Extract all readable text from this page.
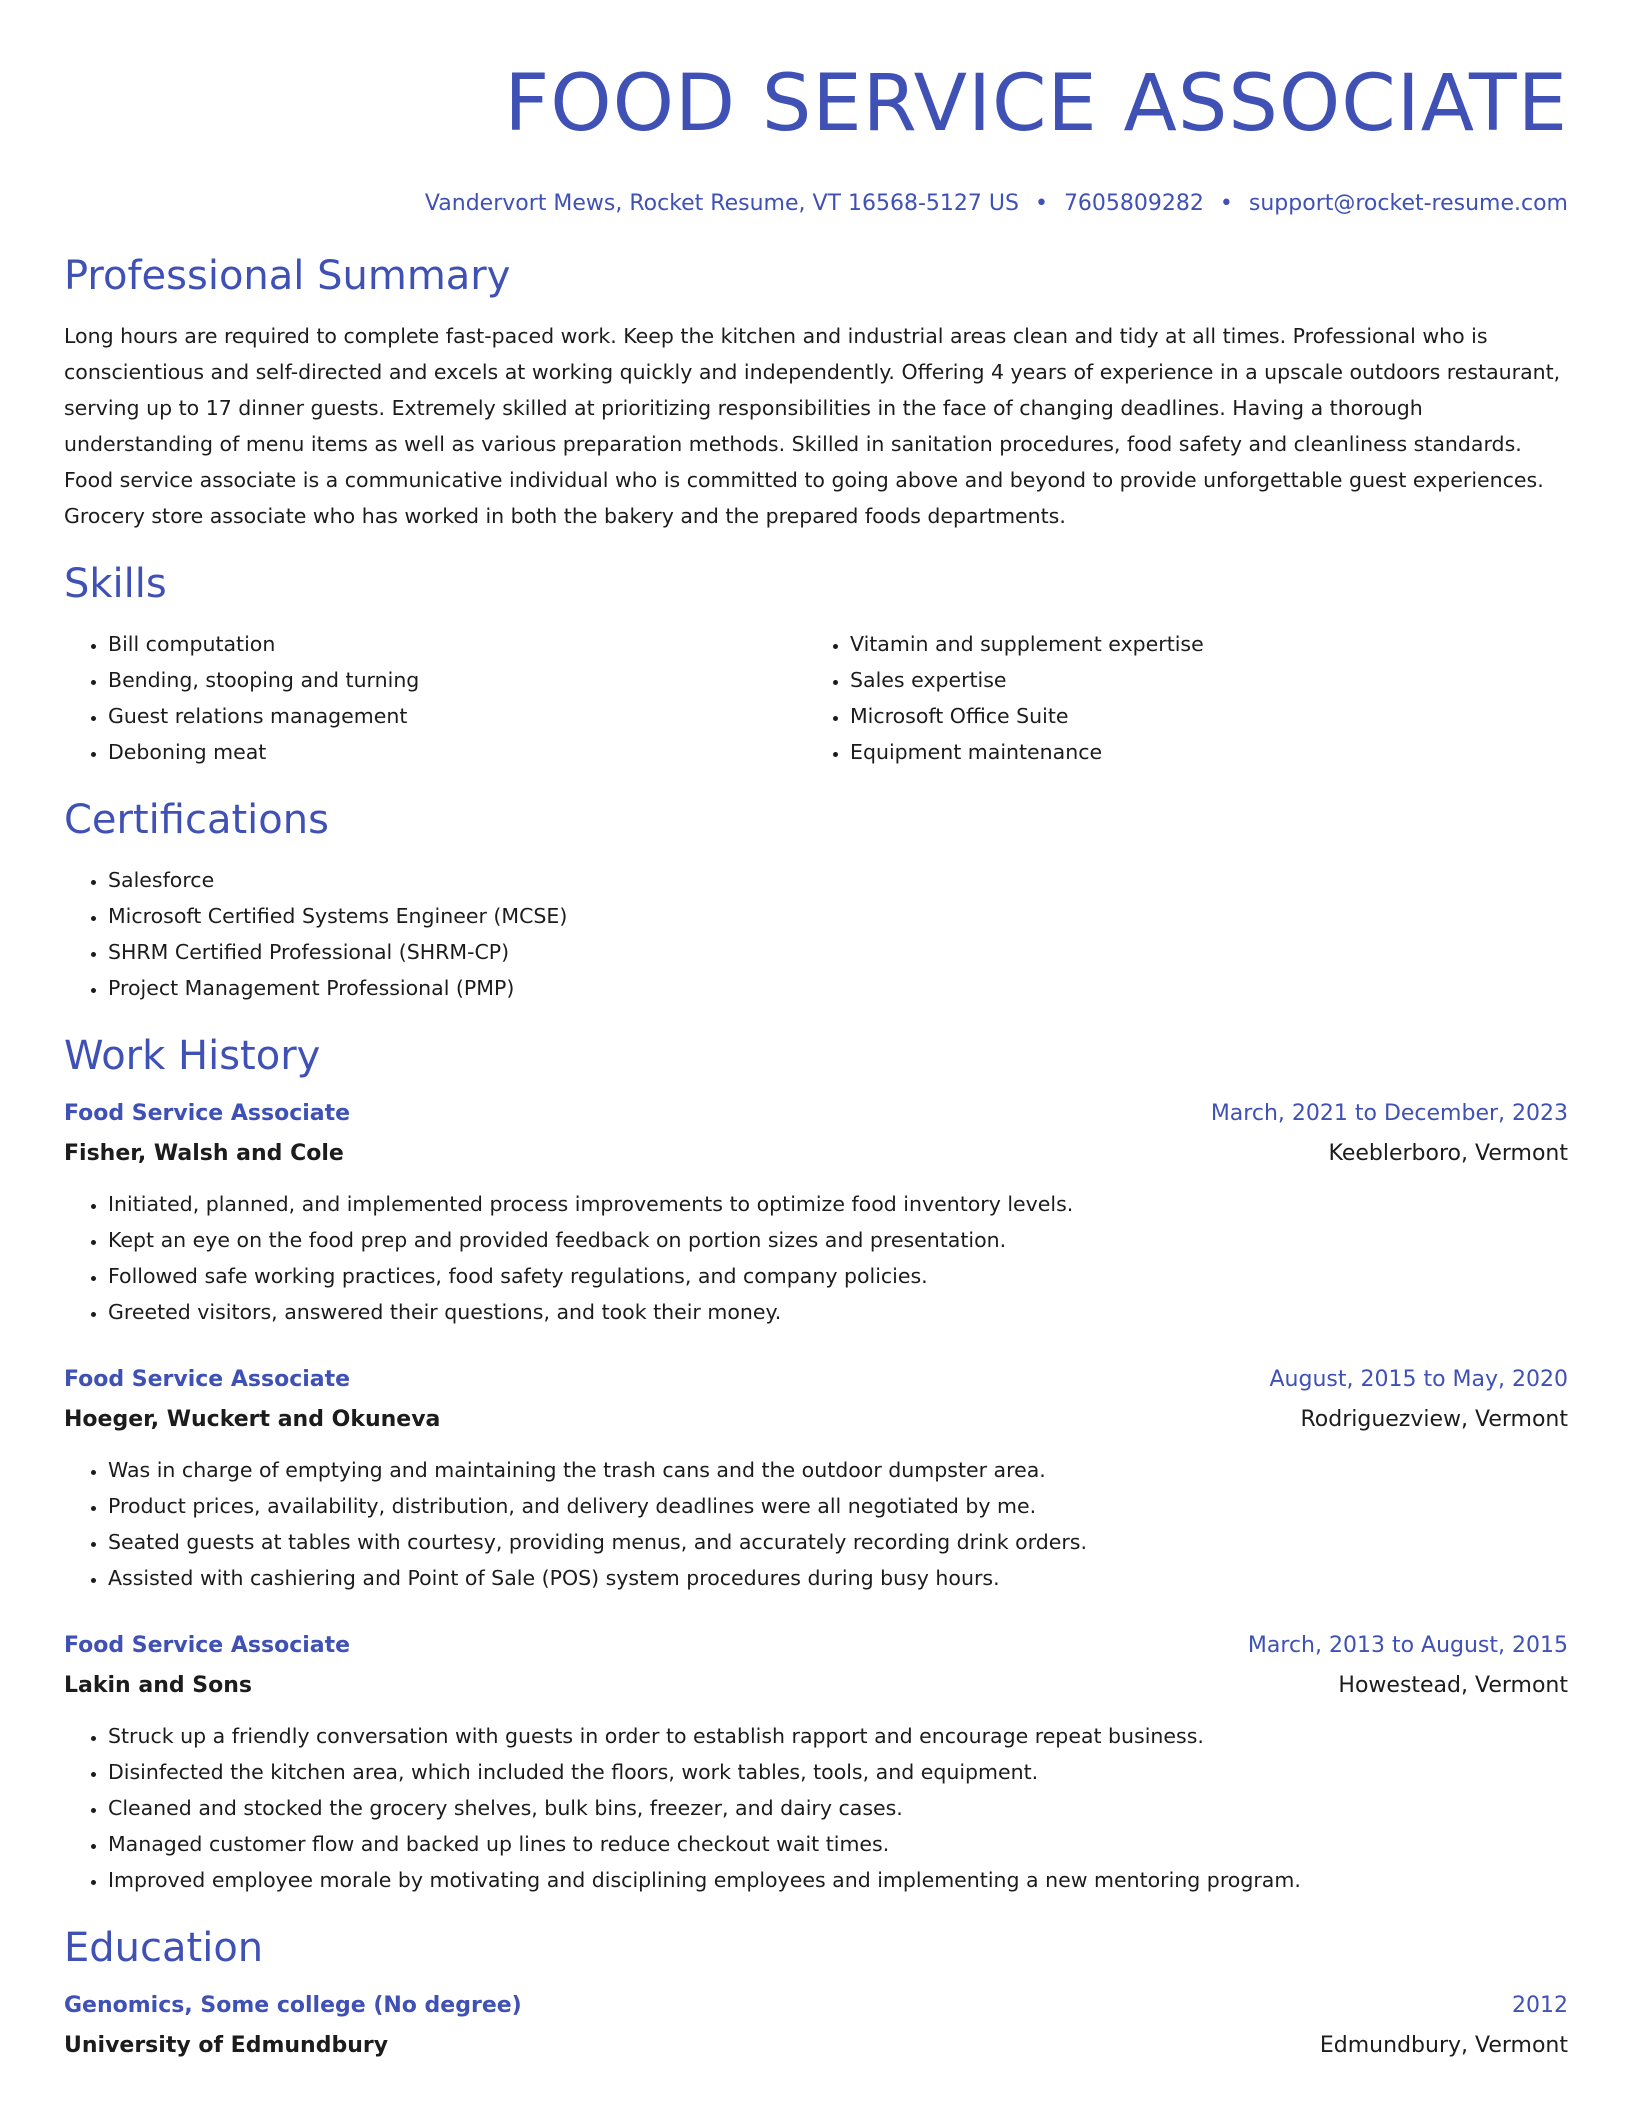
FOOD SERVICE ASSOCIATE
Vandervort Mews, Rocket Resume, VT 16568-5127 US • 7605809282 • support@rocket-resume.com
Professional Summary

Long hours are required to complete fast-paced work. Keep the kitchen and industrial areas clean and tidy at all times. Professional who is conscientious and self-directed and excels at working quickly and independently. Offering 4 years of experience in a upscale outdoors restaurant, serving up to 17 dinner guests. Extremely skilled at prioritizing responsibilities in the face of changing deadlines. Having a thorough understanding of menu items as well as various preparation methods. Skilled in sanitation procedures, food safety and cleanliness standards. Food service associate is a communicative individual who is committed to going above and beyond to provide unforgettable guest experiences. Grocery store associate who has worked in both the bakery and the prepared foods departments.

Skills
• Bill computation
• Bending, stooping and turning
• Guest relations management
• Deboning meat
• Vitamin and supplement expertise
• Sales expertise
• Microsoft Office Suite
• Equipment maintenance
Certifications
• Salesforce
• Microsoft Certified Systems Engineer (MCSE)
• SHRM Certified Professional (SHRM-CP)
• Project Management Professional (PMP)
Work History
Food Service Associate	March, 2021 to December, 2023
Fisher, Walsh and Cole	Keeblerboro, Vermont
• Initiated, planned, and implemented process improvements to optimize food inventory levels.
• Kept an eye on the food prep and provided feedback on portion sizes and presentation.
• Followed safe working practices, food safety regulations, and company policies.
• Greeted visitors, answered their questions, and took their money.
Food Service Associate	August, 2015 to May, 2020
Hoeger, Wuckert and Okuneva	Rodriguezview, Vermont
• Was in charge of emptying and maintaining the trash cans and the outdoor dumpster area.
• Product prices, availability, distribution, and delivery deadlines were all negotiated by me.
• Seated guests at tables with courtesy, providing menus, and accurately recording drink orders.
• Assisted with cashiering and Point of Sale (POS) system procedures during busy hours.
Food Service Associate	March, 2013 to August, 2015
Lakin and Sons	Howestead, Vermont
• Struck up a friendly conversation with guests in order to establish rapport and encourage repeat business.
• Disinfected the kitchen area, which included the floors, work tables, tools, and equipment.
• Cleaned and stocked the grocery shelves, bulk bins, freezer, and dairy cases.
• Managed customer flow and backed up lines to reduce checkout wait times.
• Improved employee morale by motivating and disciplining employees and implementing a new mentoring program.
Education
Genomics, Some college (No degree)	2012
University of Edmundbury	Edmundbury, Vermont
